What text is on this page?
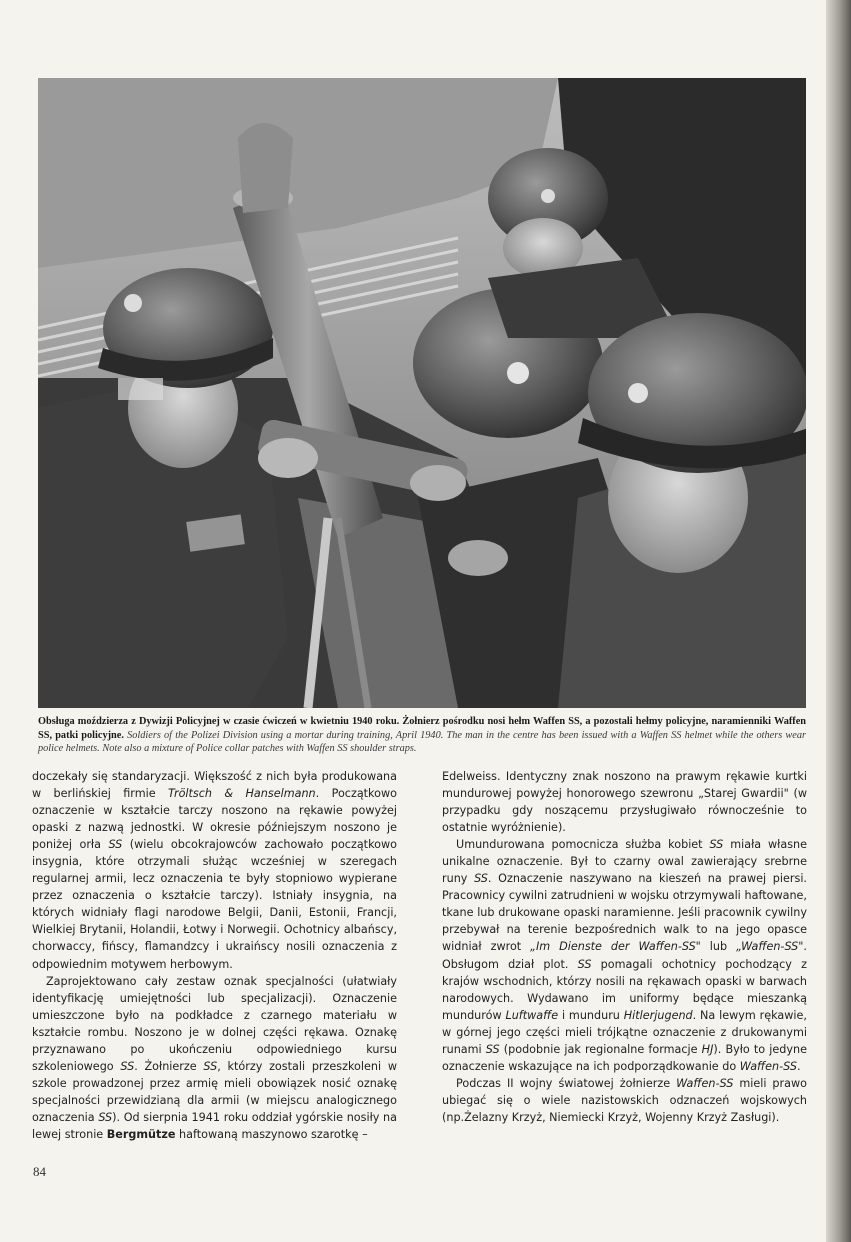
Obsługa moździerza z Dywizji Policyjnej w czasie ćwiczeń w kwietniu 1940 roku. Żołnierz pośrodku nosi hełm Waffen SS, a pozostali hełmy policyjne, naramienniki Waffen SS, patki policyjne. Soldiers of the Polizei Division using a mortar during training, April 1940. The man in the centre has been issued with a Waffen SS helmet while the others wear police helmets. Note also a mixture of Police collar patches with Waffen SS shoulder straps.

doczekały się standaryzacji. Większość z nich była produkowana w berlińskiej firmie Tröltsch & Hanselmann. Początkowo oznaczenie w kształcie tarczy noszono na rękawie powyżej opaski z nazwą jednostki. W okresie późniejszym noszono je poniżej orła SS (wielu obcokrajowców zachowało początkowo insygnia, które otrzymali służąc wcześniej w szeregach regularnej armii, lecz oznaczenia te były stopniowo wypierane przez oznaczenia o kształcie tarczy). Istniały insygnia, na których widniały flagi narodowe Belgii, Danii, Estonii, Francji, Wielkiej Brytanii, Holandii, Łotwy i Norwegii. Ochotnicy albańscy, chorwaccy, fińscy, flamandzcy i ukraińscy nosili oznaczenia z odpowiednim motywem herbowym.

Zaprojektowano cały zestaw oznak specjalności (ułatwiały identyfikację umiejętności lub specjalizacji). Oznaczenie umieszczone było na podkładce z czarnego materiału w kształcie rombu. Noszono je w dolnej części rękawa. Oznakę przyznawano po ukończeniu odpowiedniego kursu szkoleniowego SS. Żołnierze SS, którzy zostali przeszkoleni w szkole prowadzonej przez armię mieli obowiązek nosić oznakę specjalności przewidzianą dla armii (w miejscu analogicznego oznaczenia SS). Od sierpnia 1941 roku oddział ygórskie nosiły na lewej stronie Bergmütze haftowaną maszynowo szarotkę –

Edelweiss. Identyczny znak noszono na prawym rękawie kurtki mundurowej powyżej honorowego szewronu „Starej Gwardii" (w przypadku gdy noszącemu przysługiwało równocześnie to ostatnie wyróżnienie).

Umundurowana pomocnicza służba kobiet SS miała własne unikalne oznaczenie. Był to czarny owal zawierający srebrne runy SS. Oznaczenie naszywano na kieszeń na prawej piersi. Pracownicy cywilni zatrudnieni w wojsku otrzymywali haftowane, tkane lub drukowane opaski naramienne. Jeśli pracownik cywilny przebywał na terenie bezpośrednich walk to na jego opasce widniał zwrot „Im Dienste der Waffen-SS" lub „Waffen-SS". Obsługom dział plot. SS pomagali ochotnicy pochodzący z krajów wschodnich, którzy nosili na rękawach opaski w barwach narodowych. Wydawano im uniformy będące mieszanką mundurów Luftwaffe i munduru Hitlerjugend. Na lewym rękawie, w górnej jego części mieli trójkątne oznaczenie z drukowanymi runami SS (podobnie jak regionalne formacje HJ). Było to jedyne oznaczenie wskazujące na ich podporządkowanie do Waffen-SS.

Podczas II wojny światowej żołnierze Waffen-SS mieli prawo ubiegać się o wiele nazistowskich odznaczeń wojskowych (np.Żelazny Krzyż, Niemiecki Krzyż, Wojenny Krzyż Zasługi).

84
